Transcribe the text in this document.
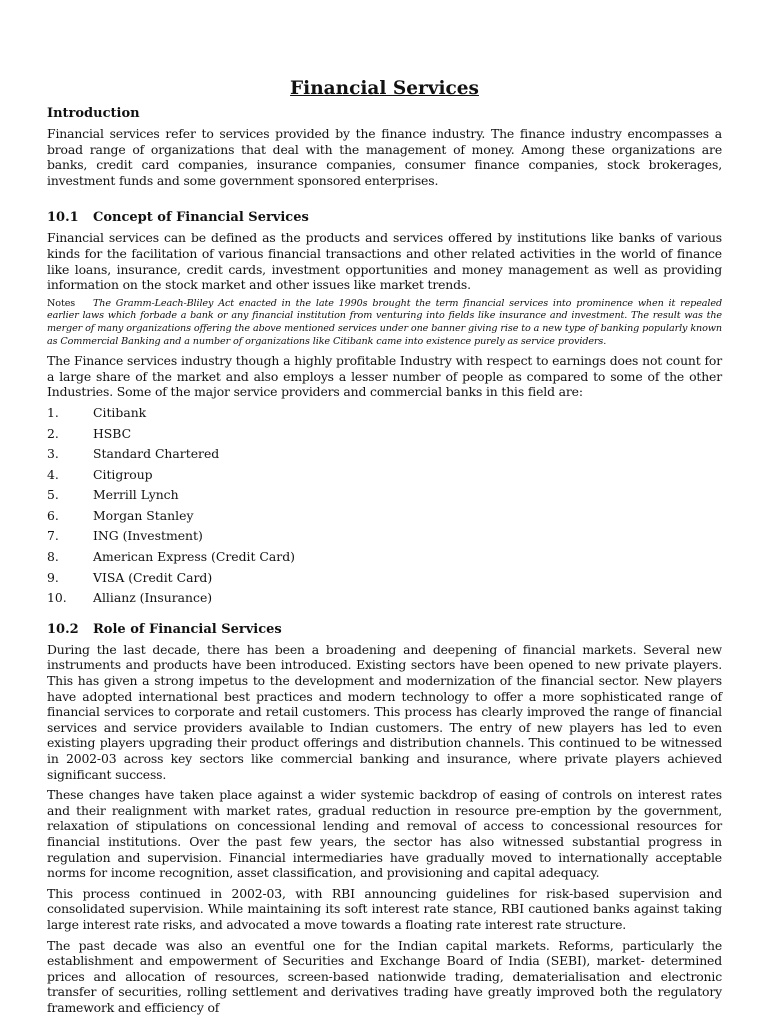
Financial Services
Introduction

Financial services refer to services provided by the finance industry. The finance industry encompasses a broad range of organizations that deal with the management of money. Among these organizations are banks, credit card companies, insurance companies, consumer finance companies, stock brokerages, investment funds and some government sponsored enterprises.

10.1 Concept of Financial Services

Financial services can be defined as the products and services offered by institutions like banks of various kinds for the facilitation of various financial transactions and other related activities in the world of finance like loans, insurance, credit cards, investment opportunities and money management as well as providing information on the stock market and other issues like market trends.

Notes The Gramm-Leach-Bliley Act enacted in the late 1990s brought the term financial services into prominence when it repealed earlier laws which forbade a bank or any financial institution from venturing into fields like insurance and investment. The result was the merger of many organizations offering the above mentioned services under one banner giving rise to a new type of banking popularly known as Commercial Banking and a number of organizations like Citibank came into existence purely as service providers.

The Finance services industry though a highly profitable Industry with respect to earnings does not count for a large share of the market and also employs a lesser number of people as compared to some of the other Industries. Some of the major service providers and commercial banks in this field are:

1.	Citibank
2.	HSBC
3.	Standard Chartered
4.	Citigroup
5.	Merrill Lynch
6.	Morgan Stanley
7.	ING (Investment)
8.	American Express (Credit Card)
9.	VISA (Credit Card)
10. Allianz (Insurance)
10.2 Role of Financial Services

During the last decade, there has been a broadening and deepening of financial markets. Several new instruments and products have been introduced. Existing sectors have been opened to new private players. This has given a strong impetus to the development and modernization of the financial sector. New players have adopted international best practices and modern technology to offer a more sophisticated range of financial services to corporate and retail customers. This process has clearly improved the range of financial services and service providers available to Indian customers. The entry of new players has led to even existing players upgrading their product offerings and distribution channels. This continued to be witnessed in 2002-03 across key sectors like commercial banking and insurance, where private players achieved significant success.

These changes have taken place against a wider systemic backdrop of easing of controls on interest rates and their realignment with market rates, gradual reduction in resource pre-emption by the government, relaxation of stipulations on concessional lending and removal of access to concessional resources for financial institutions. Over the past few years, the sector has also witnessed substantial progress in regulation and supervision. Financial intermediaries have gradually moved to internationally acceptable norms for income recognition, asset classification, and provisioning and capital adequacy.

This process continued in 2002-03, with RBI announcing guidelines for risk-based supervision and consolidated supervision. While maintaining its soft interest rate stance, RBI cautioned banks against taking large interest rate risks, and advocated a move towards a floating rate interest rate structure.

The past decade was also an eventful one for the Indian capital markets. Reforms, particularly the establishment and empowerment of Securities and Exchange Board of India (SEBI), market- determined prices and allocation of resources, screen-based nationwide trading, dematerialisation and electronic transfer of securities, rolling settlement and derivatives trading have greatly improved both the regulatory framework and efficiency of
